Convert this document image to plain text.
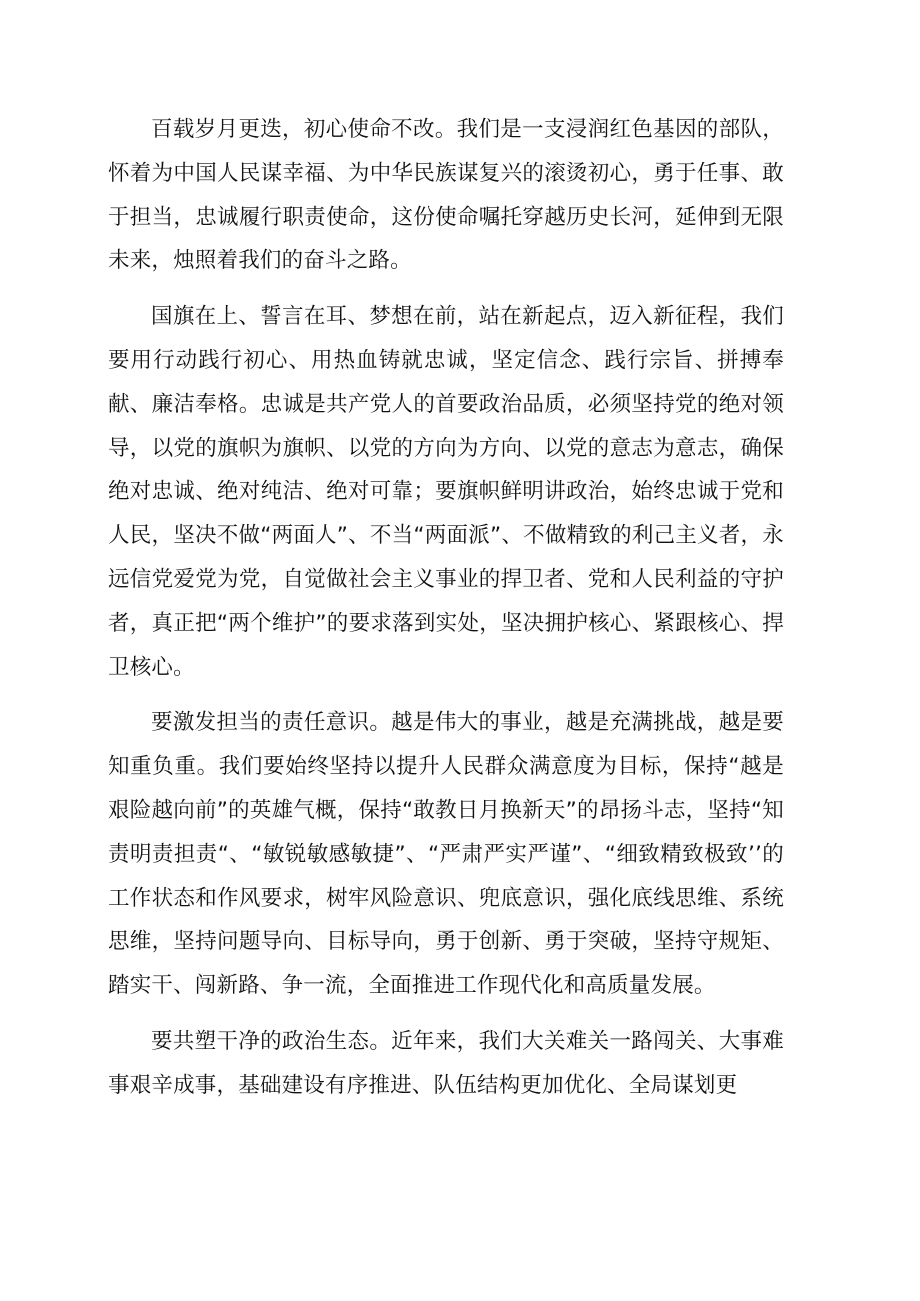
百载岁月更迭，初心使命不改。我们是一支浸润红色基因的部队，怀着为中国人民谋幸福、为中华民族谋复兴的滚烫初心，勇于任事、敢于担当，忠诚履行职责使命，这份使命嘱托穿越历史长河，延伸到无限未来，烛照着我们的奋斗之路。

国旗在上、誓言在耳、梦想在前，站在新起点，迈入新征程，我们要用行动践行初心、用热血铸就忠诚，坚定信念、践行宗旨、拼搏奉献、廉洁奉格。忠诚是共产党人的首要政治品质，必须坚持党的绝对领导，以党的旗帜为旗帜、以党的方向为方向、以党的意志为意志，确保绝对忠诚、绝对纯洁、绝对可靠；要旗帜鲜明讲政治，始终忠诚于党和人民，坚决不做“两面人”、不当“两面派”、不做精致的利己主义者，永远信党爱党为党，自觉做社会主义事业的捍卫者、党和人民利益的守护者，真正把“两个维护”的要求落到实处，坚决拥护核心、紧跟核心、捍卫核心。

要激发担当的责任意识。越是伟大的事业，越是充满挑战，越是要知重负重。我们要始终坚持以提升人民群众满意度为目标，保持“越是艰险越向前”的英雄气概，保持“敢教日月换新天”的昂扬斗志，坚持“知责明责担责“、“敏锐敏感敏捷”、“严肃严实严谨”、“细致精致极致’’的工作状态和作风要求，树牢风险意识、兜底意识，强化底线思维、系统思维，坚持问题导向、目标导向，勇于创新、勇于突破，坚持守规矩、踏实干、闯新路、争一流，全面推进工作现代化和高质量发展。

要共塑干净的政治生态。近年来，我们大关难关一路闯关、大事难事艰辛成事，基础建设有序推进、队伍结构更加优化、全局谋划更
